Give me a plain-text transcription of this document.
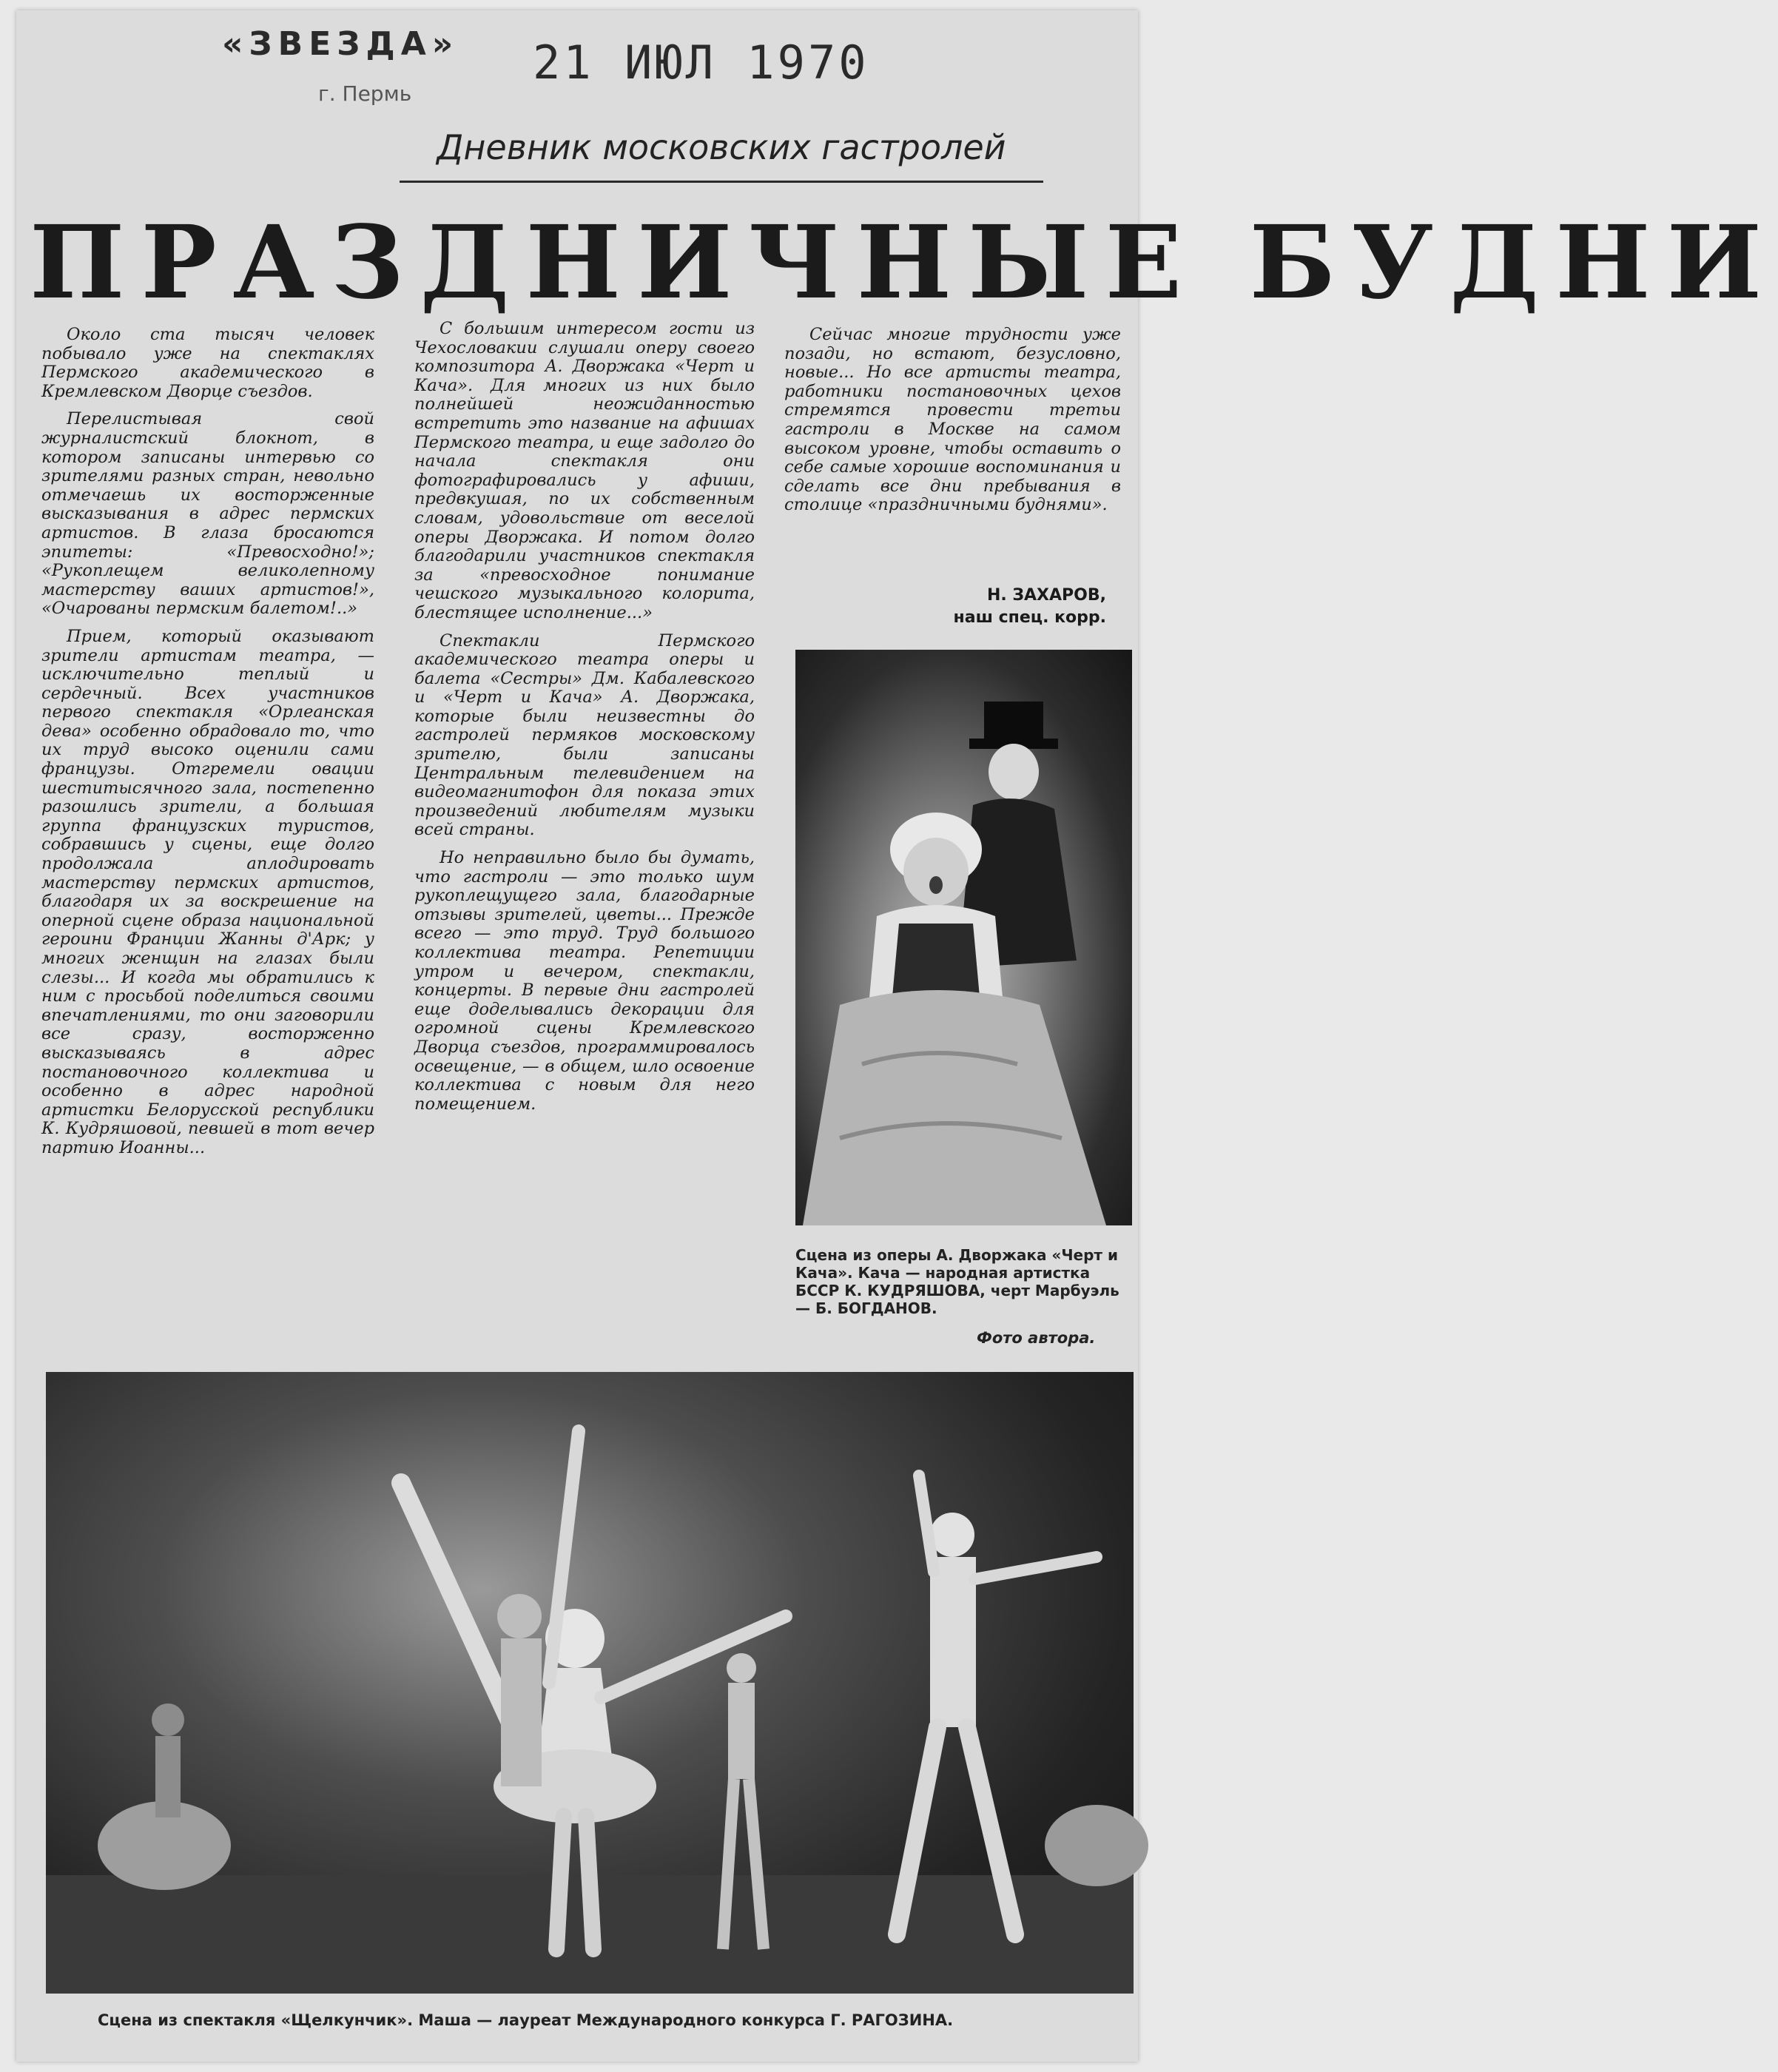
«ЗВЕЗДА» 21 ИЮЛ 1970
г. Пермь
Дневник московских гастролей
ПРАЗДНИЧНЫЕ БУДНИ

Около ста тысяч человек побывало уже на спектаклях Пермского академического в Кремлевском Дворце съездов.

Перелистывая свой журналистский блокнот, в котором записаны интервью со зрителями разных стран, невольно отмечаешь их восторженные высказывания в адрес пермских артистов. В глаза бросаются эпитеты: «Превосходно!»; «Рукоплещем великолепному мастерству ваших артистов!», «Очарованы пермским балетом!..»

Прием, который оказывают зрители артистам театра, — исключительно теплый и сердечный. Всех участников первого спектакля «Орлеанская дева» особенно обрадовало то, что их труд высоко оценили сами французы. Отгремели овации шеститысячного зала, постепенно разошлись зрители, а большая группа французских туристов, собравшись у сцены, еще долго продолжала аплодировать мастерству пермских артистов, благодаря их за воскрешение на оперной сцене образа национальной героини Франции Жанны д'Арк; у многих женщин на глазах были слезы... И когда мы обратились к ним с просьбой поделиться своими впечатлениями, то они заговорили все сразу, восторженно высказываясь в адрес постановочного коллектива и особенно в адрес народной артистки Белорусской республики К. Кудряшовой, певшей в тот вечер партию Иоанны...

С большим интересом гости из Чехословакии слушали оперу своего композитора А. Дворжака «Черт и Кача». Для многих из них было полнейшей неожиданностью встретить это название на афишах Пермского театра, и еще задолго до начала спектакля они фотографировались у афиши, предвкушая, по их собственным словам, удовольствие от веселой оперы Дворжака. И потом долго благодарили участников спектакля за «превосходное понимание чешского музыкального колорита, блестящее исполнение...»

Спектакли Пермского академического театра оперы и балета «Сестры» Дм. Кабалевского и «Черт и Кача» А. Дворжака, которые были неизвестны до гастролей пермяков московскому зрителю, были записаны Центральным телевидением на видеомагнитофон для показа этих произведений любителям музыки всей страны.

Но неправильно было бы думать, что гастроли — это только шум рукоплещущего зала, благодарные отзывы зрителей, цветы... Прежде всего — это труд. Труд большого коллектива театра. Репетиции утром и вечером, спектакли, концерты. В первые дни гастролей еще доделывались декорации для огромной сцены Кремлевского Дворца съездов, программировалось освещение, — в общем, шло освоение коллектива с новым для него помещением.

Сейчас многие трудности уже позади, но встают, безусловно, новые... Но все артисты театра, работники постановочных цехов стремятся провести третьи гастроли в Москве на самом высоком уровне, чтобы оставить о себе самые хорошие воспоминания и сделать все дни пребывания в столице «праздничными буднями».

Н. ЗАХАРОВ,
наш спец. корр.
Сцена из оперы А. Дворжака «Черт и Кача». Кача — народная артистка БССР К. КУДРЯШОВА, черт Марбуэль — Б. БОГДАНОВ.
Фото автора.
Сцена из спектакля «Щелкунчик». Маша — лауреат Международного конкурса Г. РАГОЗИНА.
